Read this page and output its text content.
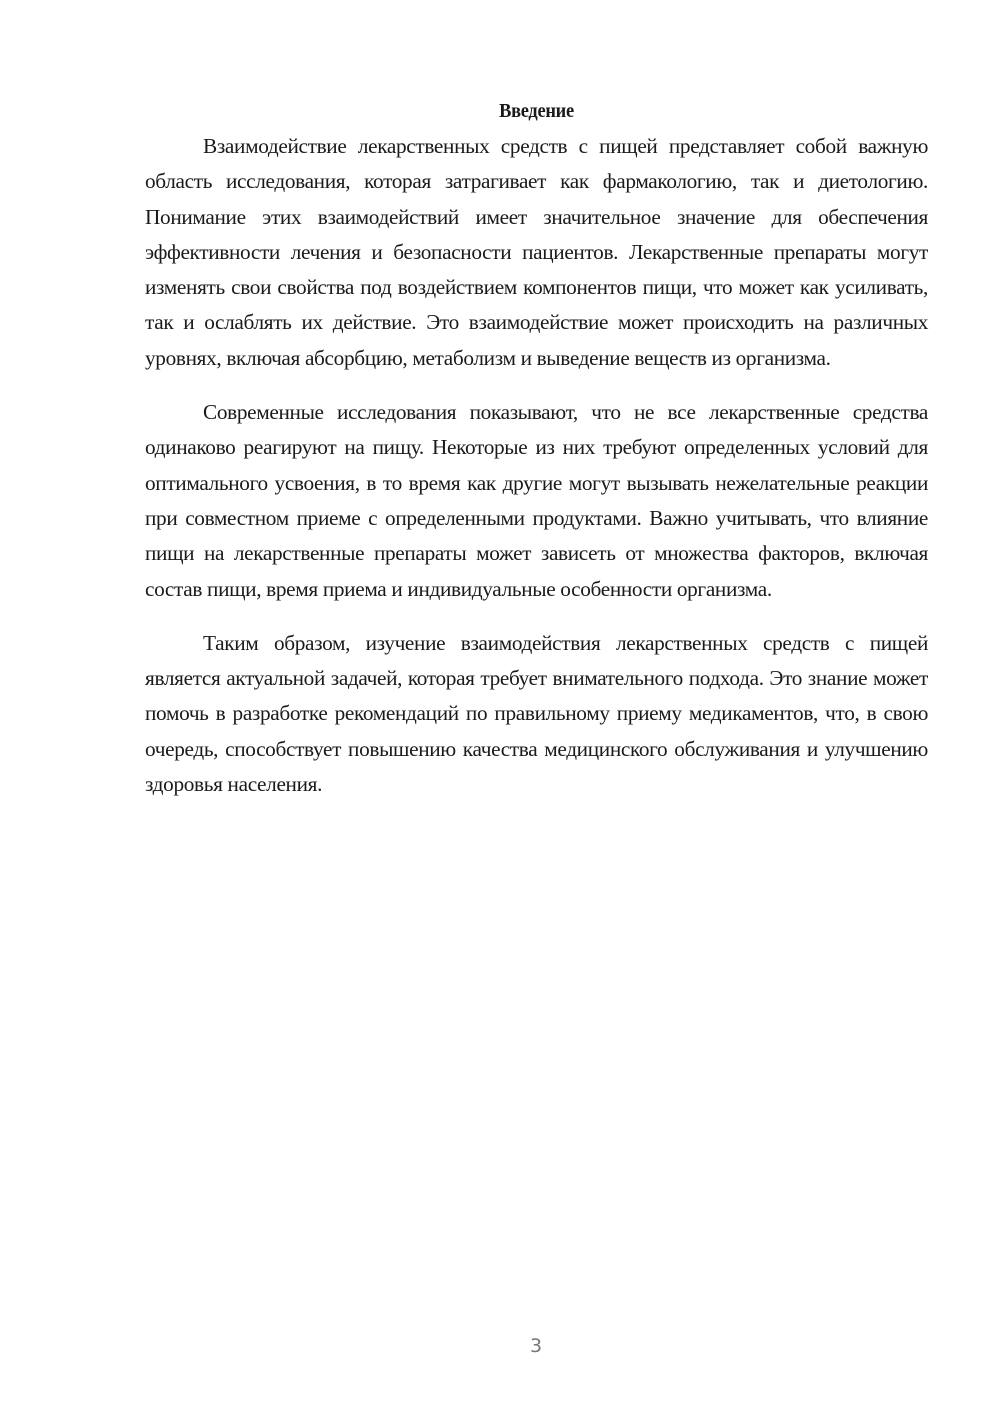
Введение

Взаимодействие лекарственных средств с пищей представляет собой важную область исследования, которая затрагивает как фармакологию, так и диетологию. Понимание этих взаимодействий имеет значительное значение для обеспечения эффективности лечения и безопасности пациентов. Лекарственные препараты могут изменять свои свойства под воздействием компонентов пищи, что может как усиливать, так и ослаблять их действие. Это взаимодействие может происходить на различных уровнях, включая абсорбцию, метаболизм и выведение веществ из организма.

Современные исследования показывают, что не все лекарственные средства одинаково реагируют на пищу. Некоторые из них требуют определенных условий для оптимального усвоения, в то время как другие могут вызывать нежелательные реакции при совместном приеме с определенными продуктами. Важно учитывать, что влияние пищи на лекарственные препараты может зависеть от множества факторов, включая состав пищи, время приема и индивидуальные особенности организма.

Таким образом, изучение взаимодействия лекарственных средств с пищей является актуальной задачей, которая требует внимательного подхода. Это знание может помочь в разработке рекомендаций по правильному приему медикаментов, что, в свою очередь, способствует повышению качества медицинского обслуживания и улучшению здоровья населения.

3
